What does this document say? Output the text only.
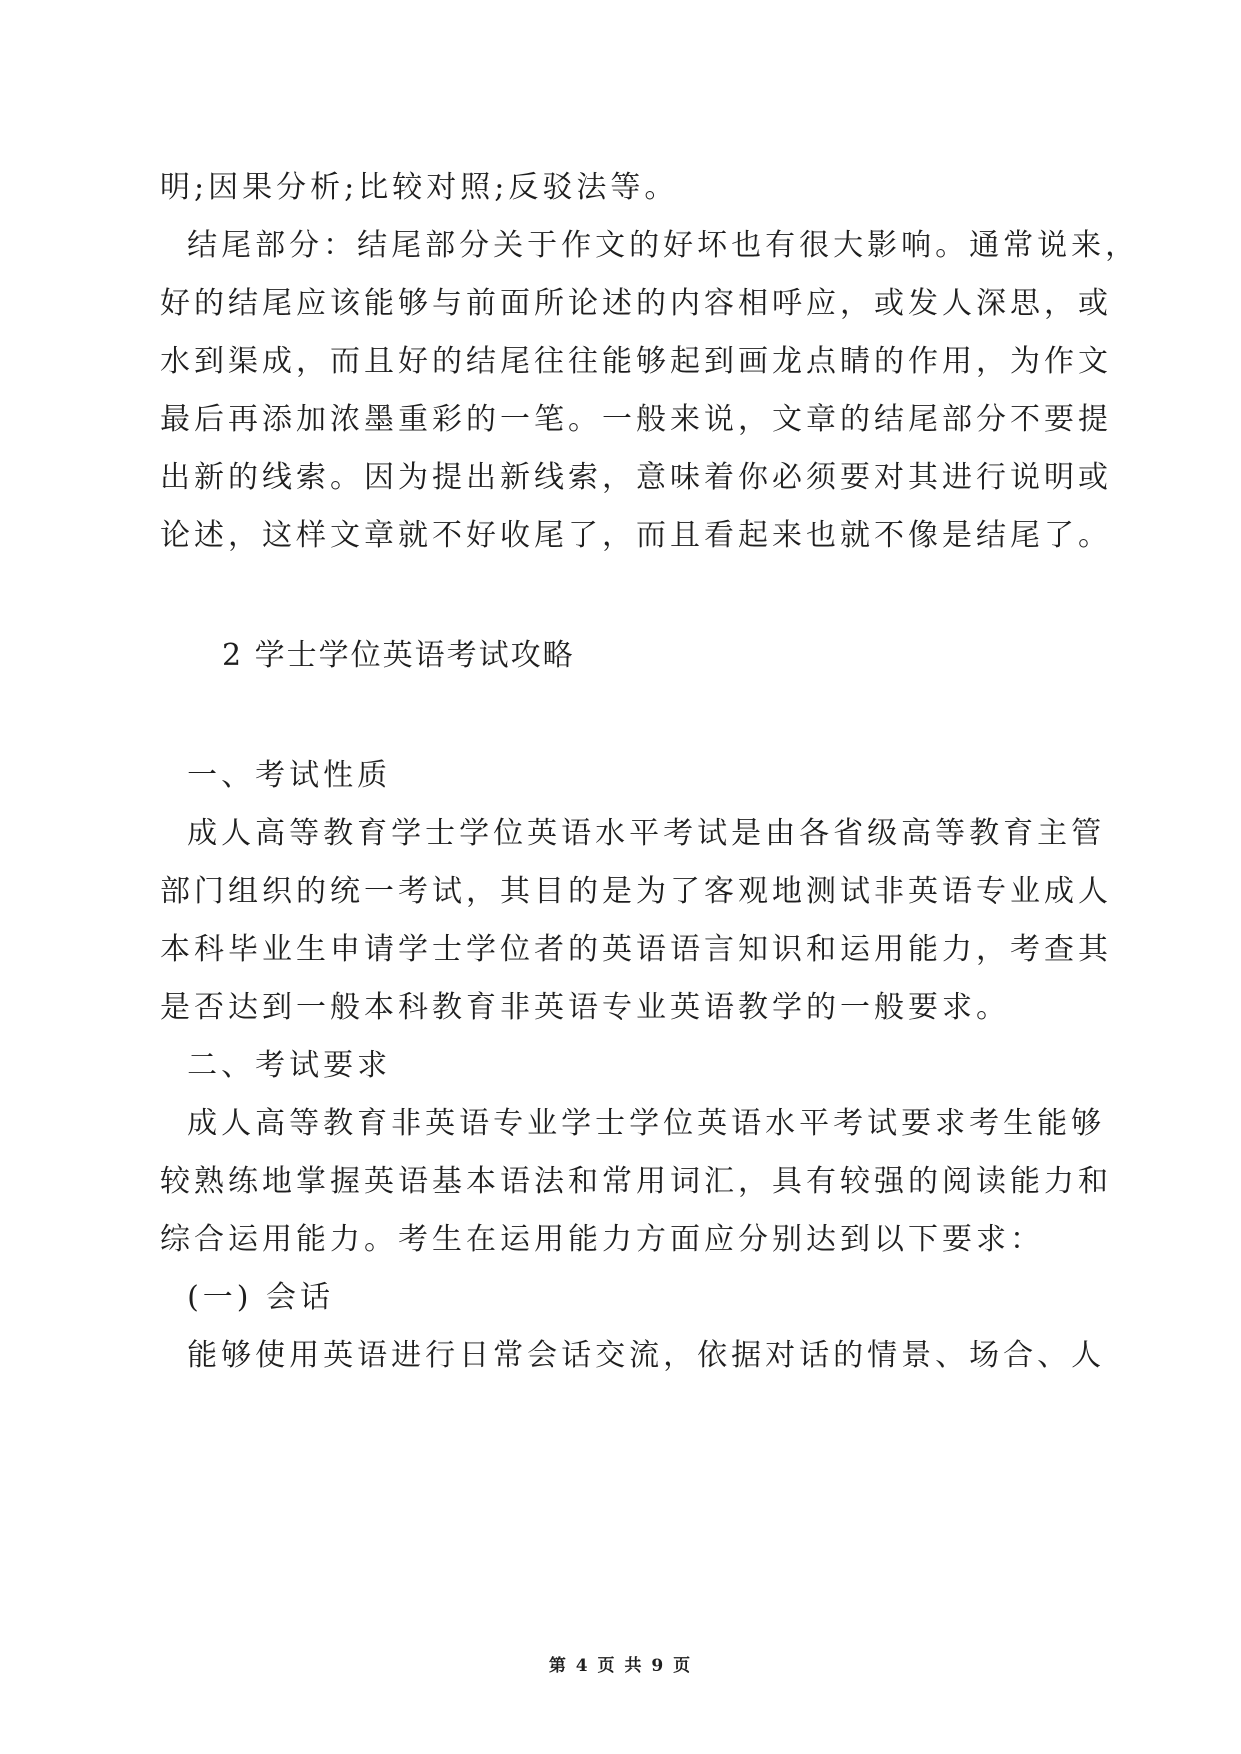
明;因果分析;比较对照;反驳法等。
结尾部分：结尾部分关于作文的好坏也有很大影响。通常说来，
好的结尾应该能够与前面所论述的内容相呼应，或发人深思，或
水到渠成，而且好的结尾往往能够起到画龙点睛的作用，为作文
最后再添加浓墨重彩的一笔。一般来说，文章的结尾部分不要提
出新的线索。因为提出新线索，意味着你必须要对其进行说明或
论述，这样文章就不好收尾了，而且看起来也就不像是结尾了。
2 学士学位英语考试攻略
一、考试性质
成人高等教育学士学位英语水平考试是由各省级高等教育主管
部门组织的统一考试，其目的是为了客观地测试非英语专业成人
本科毕业生申请学士学位者的英语语言知识和运用能力，考查其
是否达到一般本科教育非英语专业英语教学的一般要求。
二、考试要求
成人高等教育非英语专业学士学位英语水平考试要求考生能够
较熟练地掌握英语基本语法和常用词汇，具有较强的阅读能力和
综合运用能力。考生在运用能力方面应分别达到以下要求：
(一) 会话
能够使用英语进行日常会话交流，依据对话的情景、场合、人
第 4 页 共 9 页
